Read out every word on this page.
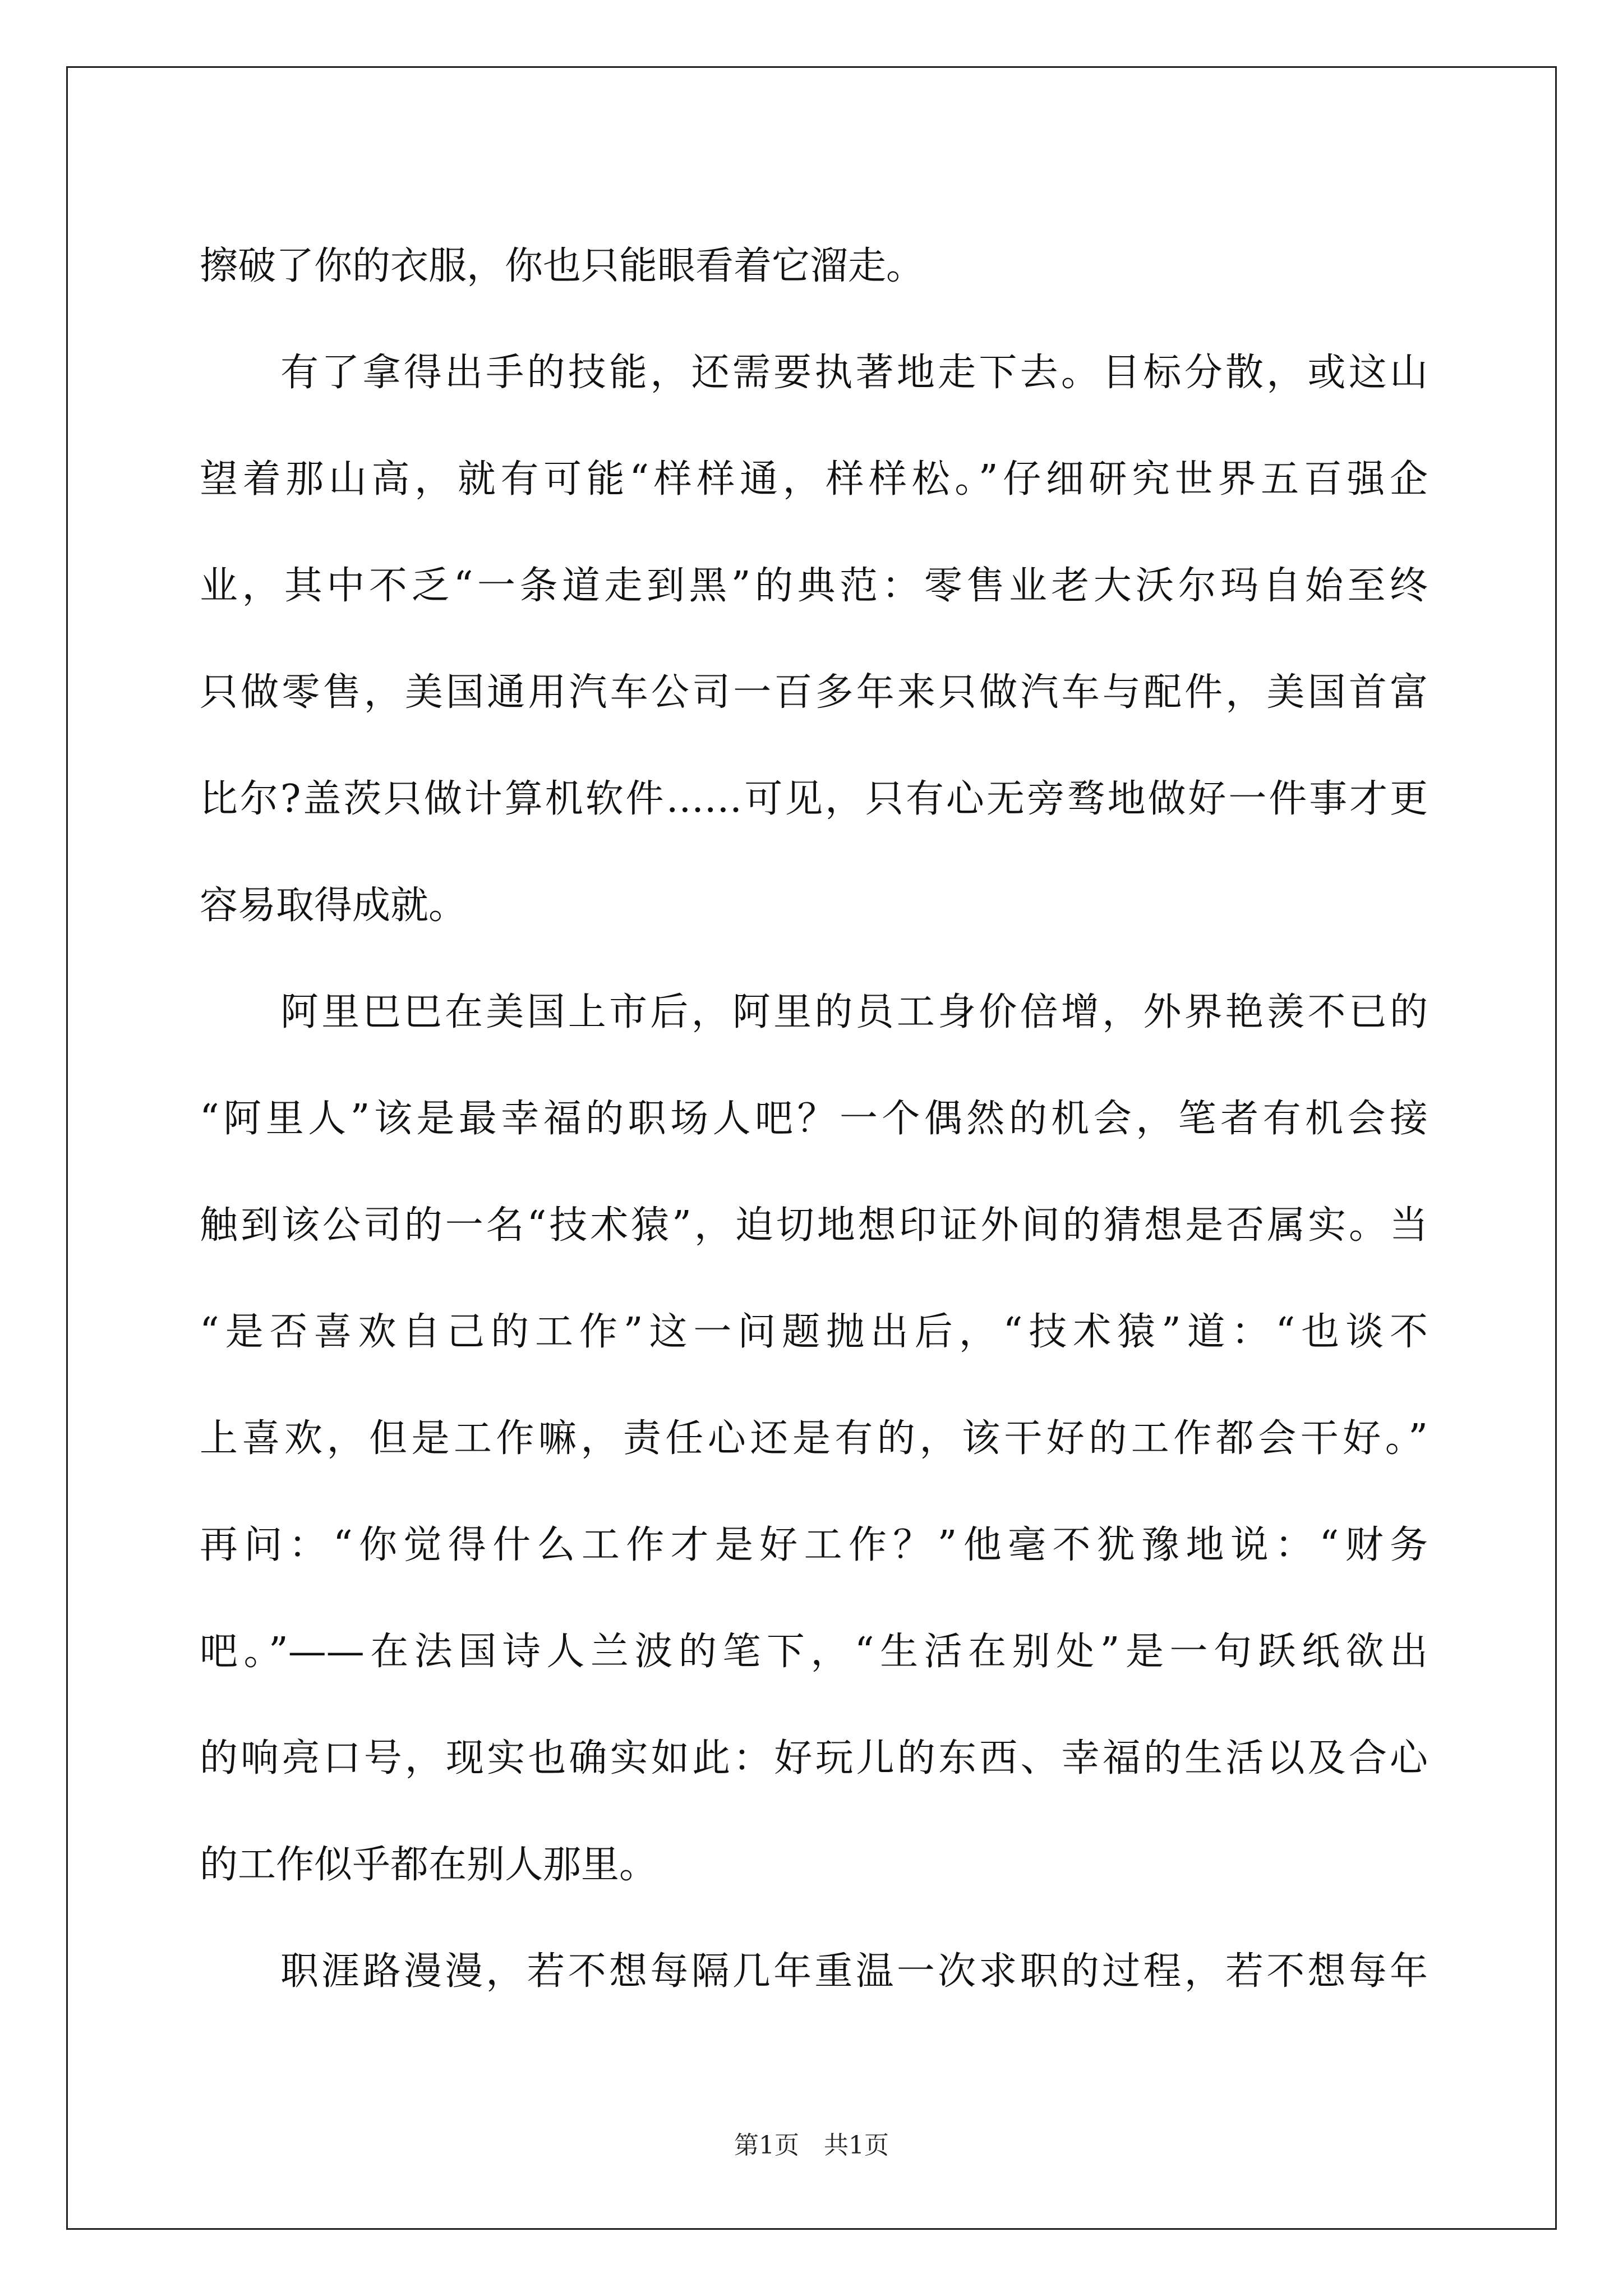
擦破了你的衣服，你也只能眼看着它溜走。
有了拿得出手的技能，还需要执著地走下去。目标分散，或这山
望着那山高，就有可能“样样通，样样松。”仔细研究世界五百强企
业，其中不乏“一条道走到黑”的典范：零售业老大沃尔玛自始至终
只做零售，美国通用汽车公司一百多年来只做汽车与配件，美国首富
比尔?盖茨只做计算机软件……可见，只有心无旁骛地做好一件事才更
容易取得成就。
阿里巴巴在美国上市后，阿里的员工身价倍增，外界艳羡不已的
“阿里人”该是最幸福的职场人吧？一个偶然的机会，笔者有机会接
触到该公司的一名“技术猿”，迫切地想印证外间的猜想是否属实。当
“是否喜欢自己的工作”这一问题抛出后，“技术猿”道：“也谈不
上喜欢，但是工作嘛，责任心还是有的，该干好的工作都会干好。”
再问：“你觉得什么工作才是好工作？”他毫不犹豫地说：“财务
吧。”——在法国诗人兰波的笔下，“生活在别处”是一句跃纸欲出
的响亮口号，现实也确实如此：好玩儿的东西、幸福的生活以及合心
的工作似乎都在别人那里。
职涯路漫漫，若不想每隔几年重温一次求职的过程，若不想每年
第1页　共1页
